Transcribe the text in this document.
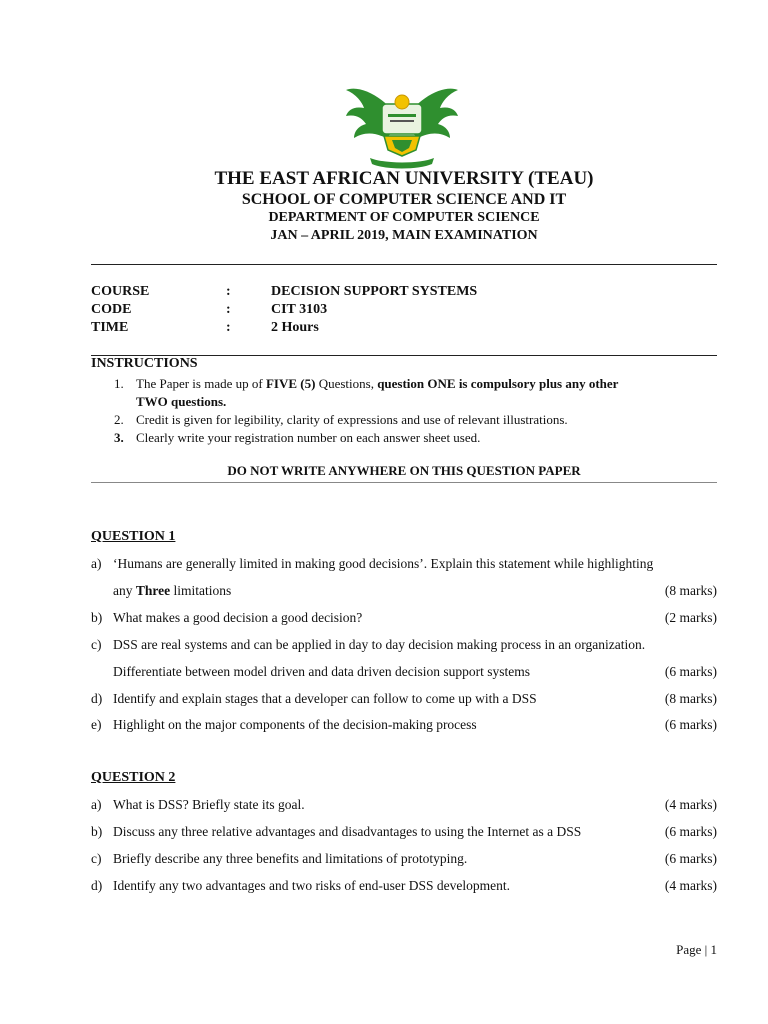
THE EAST AFRICAN UNIVERSITY (TEAU)
SCHOOL OF COMPUTER SCIENCE AND IT
DEPARTMENT OF COMPUTER SCIENCE
JAN – APRIL 2019, MAIN EXAMINATION
COURSE	:	DECISION SUPPORT SYSTEMS
CODE	:	CIT 3103
TIME	:	2 Hours
INSTRUCTIONS
1. The Paper is made up of FIVE (5) Questions, question ONE is compulsory plus any other
TWO questions.
2. Credit is given for legibility, clarity of expressions and use of relevant illustrations.
3. Clearly write your registration number on each answer sheet used.
DO NOT WRITE ANYWHERE ON THIS QUESTION PAPER
QUESTION 1
a) ‘Humans are generally limited in making good decisions’. Explain this statement while highlighting
any Three limitations	(8 marks)
b) What makes a good decision a good decision?	(2 marks)
c) DSS are real systems and can be applied in day to day decision making process in an organization.
Differentiate between model driven and data driven decision support systems	(6 marks)
d) Identify and explain stages that a developer can follow to come up with a DSS	(8 marks)
e) Highlight on the major components of the decision-making process	(6 marks)
QUESTION 2
a) What is DSS? Briefly state its goal.	(4 marks)
b) Discuss any three relative advantages and disadvantages to using the Internet as a DSS	(6 marks)
c) Briefly describe any three benefits and limitations of prototyping.	(6 marks)
d) Identify any two advantages and two risks of end-user DSS development.	(4 marks)
Page | 1
